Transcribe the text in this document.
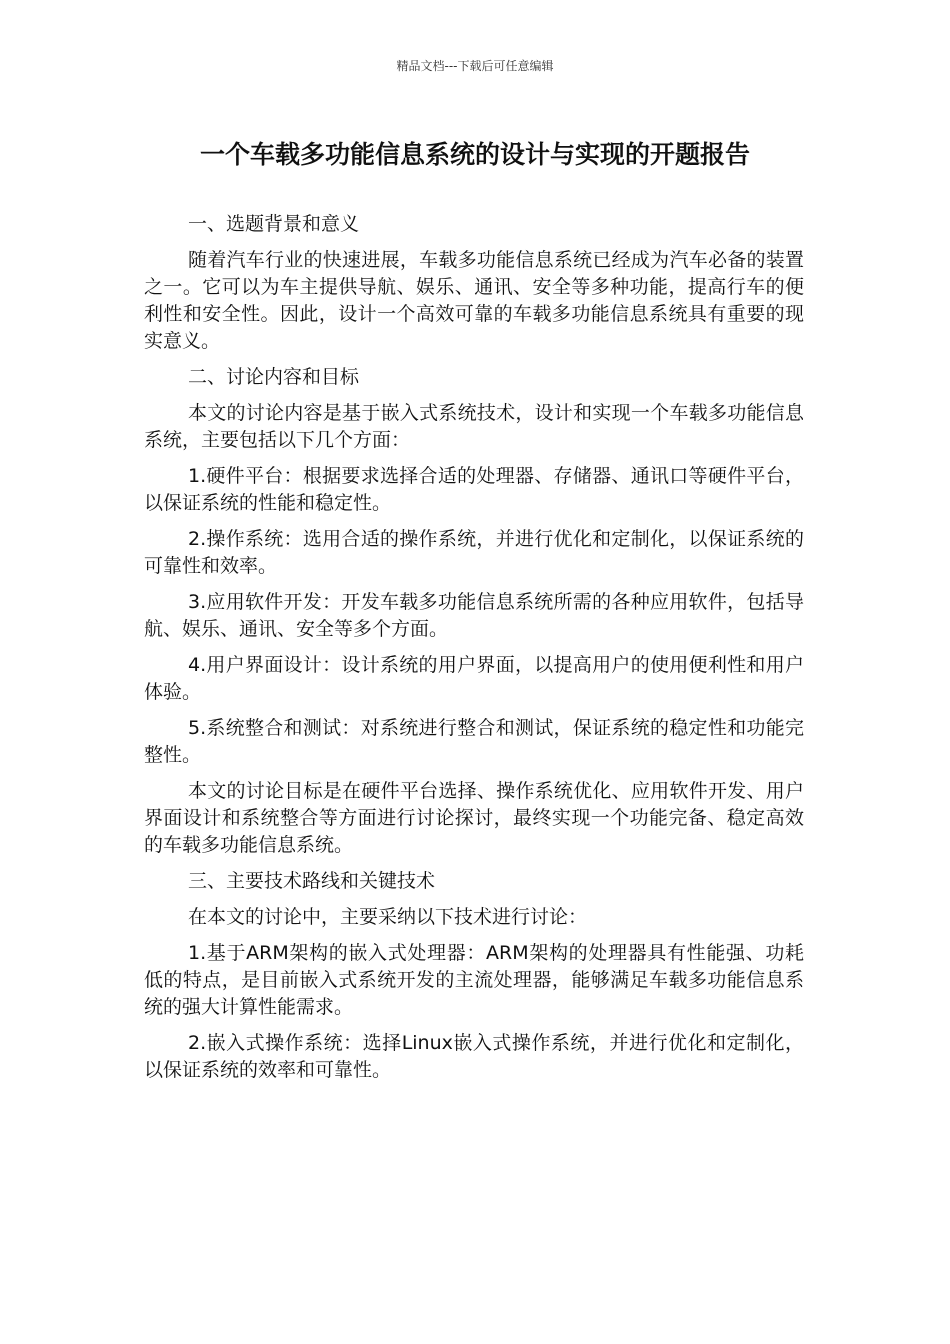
精品文档---下载后可任意编辑
一个车载多功能信息系统的设计与实现的开题报告

一、选题背景和意义

随着汽车行业的快速进展，车载多功能信息系统已经成为汽车必备的装置之一。它可以为车主提供导航、娱乐、通讯、安全等多种功能，提高行车的便利性和安全性。因此，设计一个高效可靠的车载多功能信息系统具有重要的现实意义。

二、讨论内容和目标

本文的讨论内容是基于嵌入式系统技术，设计和实现一个车载多功能信息系统，主要包括以下几个方面：

1.硬件平台：根据要求选择合适的处理器、存储器、通讯口等硬件平台，以保证系统的性能和稳定性。

2.操作系统：选用合适的操作系统，并进行优化和定制化，以保证系统的可靠性和效率。

3.应用软件开发：开发车载多功能信息系统所需的各种应用软件，包括导航、娱乐、通讯、安全等多个方面。

4.用户界面设计：设计系统的用户界面，以提高用户的使用便利性和用户体验。

5.系统整合和测试：对系统进行整合和测试，保证系统的稳定性和功能完整性。

本文的讨论目标是在硬件平台选择、操作系统优化、应用软件开发、用户界面设计和系统整合等方面进行讨论探讨，最终实现一个功能完备、稳定高效的车载多功能信息系统。

三、主要技术路线和关键技术

在本文的讨论中，主要采纳以下技术进行讨论：

1.基于ARM架构的嵌入式处理器：ARM架构的处理器具有性能强、功耗低的特点，是目前嵌入式系统开发的主流处理器，能够满足车载多功能信息系统的强大计算性能需求。

2.嵌入式操作系统：选择Linux嵌入式操作系统，并进行优化和定制化，以保证系统的效率和可靠性。
